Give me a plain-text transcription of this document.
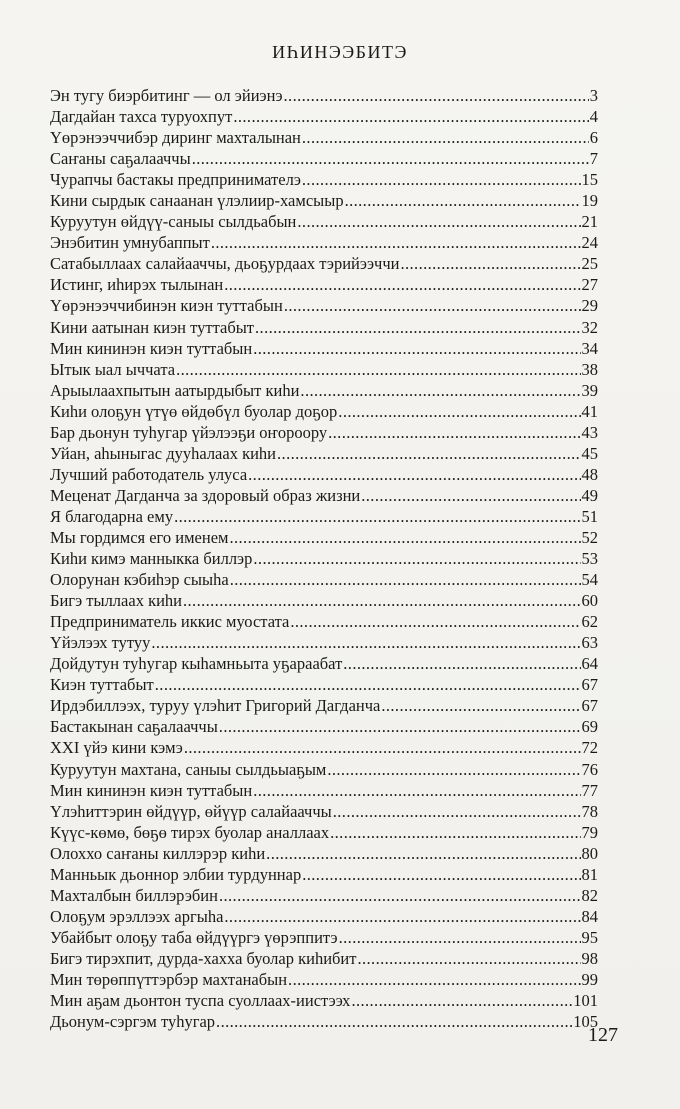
ИҺИНЭЭБИТЭ
Эн тугу биэрбитинг — ол эйиэнэ .....	3
Дагдайан тахса туруохпут .....	4
Үөрэнээччибэр диринг махталынан .....	6
Саҥаны саҕалааччы .....	7
Чурапчы бастакы предпринимателэ .....	15
Кини сырдык санаанан үлэлиир-хамсыыр .....	19
Куруутун өйдүү-саныы сылдьабын .....	21
Энэбитин умнубаппыт .....	24
Сатабыллаах салайааччы, дьоҕурдаах тэрийээччи .....	25
Истинг, иһирэх тылынан .....	27
Үөрэнээччибинэн киэн туттабын .....	29
Кини аатынан киэн туттабыт .....	32
Мин кининэн киэн туттабын .....	34
Ытык ыал ыччата .....	38
Арыылаахпытын аатырдыбыт киһи .....	39
Киһи олоҕун үтүө өйдөбүл буолар доҕор .....	41
Бар дьонун туһугар үйэлээҕи оҥороору .....	43
Уйан, аһыныгас дууһалаах киһи .....	45
Лучший работодатель улуса .....	48
Меценат Дагданча за здоровый образ жизни .....	49
Я благодарна ему .....	51
Мы гордимся его именем .....	52
Киһи кимэ манныкка биллэр .....	53
Олорунан кэбиһэр сыыһа .....	54
Бигэ тыллаах киһи .....	60
Предприниматель иккис муостата .....	62
Үйэлээх тутуу .....	63
Дойдутун туһугар кыһамньыта уҕараабат .....	64
Киэн туттабыт .....	67
Ирдэбиллээх, туруу үлэһит Григорий Дагданча .....	67
Бастакынан саҕалааччы .....	69
XXI үйэ кини кэмэ .....	72
Куруутун махтана, саныы сылдьыаҕым .....	76
Мин кининэн киэн туттабын .....	77
Үлэһиттэрин өйдүүр, өйүүр салайааччы .....	78
Күүс-көмө, бөҕө тирэх буолар аналлаах .....	79
Олоххо саҥаны киллэрэр киһи .....	80
Манньык дьоннор элбии турдуннар .....	81
Махталбын биллэрэбин .....	82
Олоҕум эрэллээх аргыһа .....	84
Убайбыт олоҕу таба өйдүүргэ үөрэппитэ .....	95
Бигэ тирэхпит, дурда-хахха буолар киһибит .....	98
Мин төрөппүттэрбэр махтанабын .....	99
Мин аҕам дьонтон туспа суоллаах-иистээх .....	101
Дьонум-сэргэм туһугар .....	105
127
